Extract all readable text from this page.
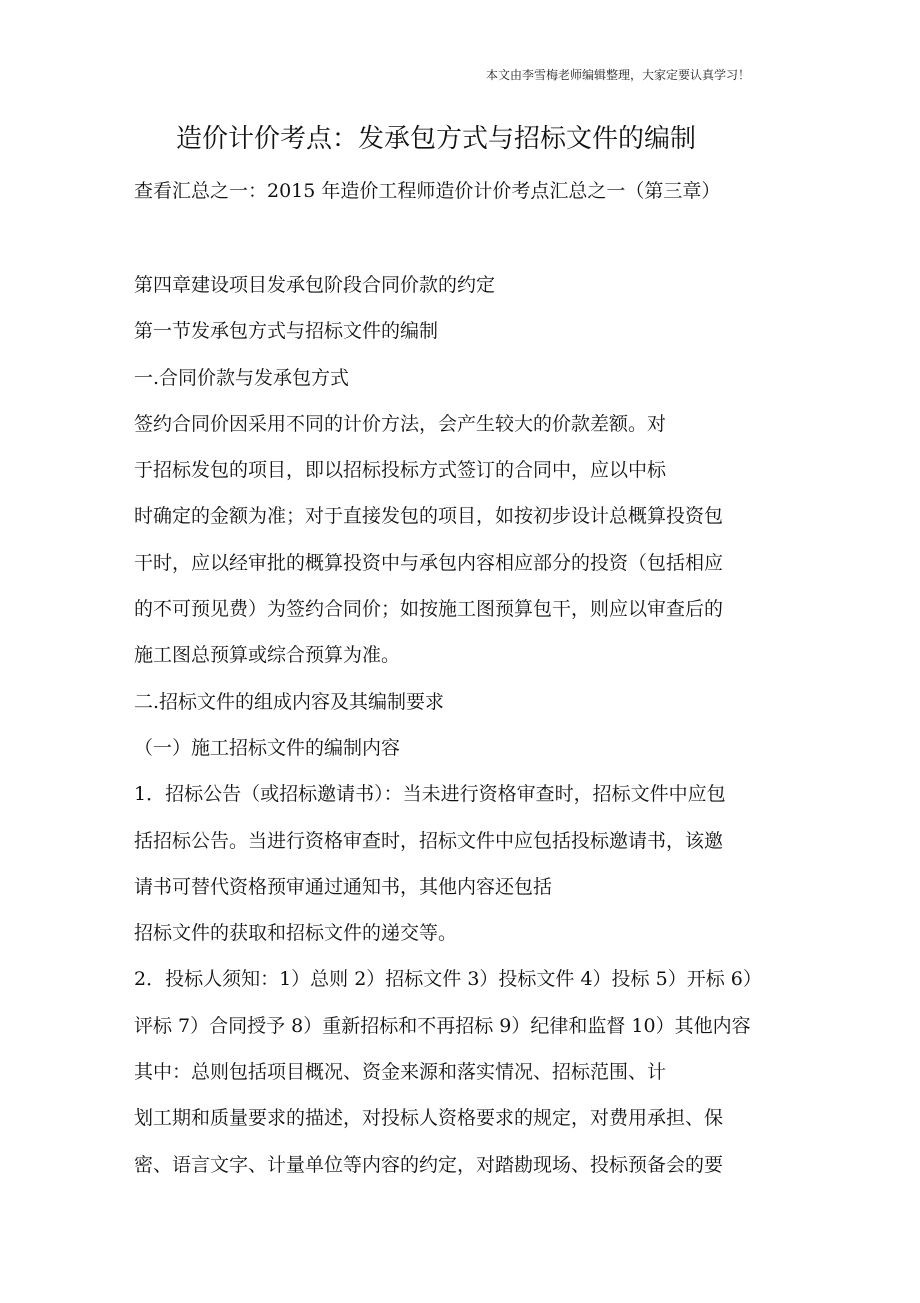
本文由李雪梅老师编辑整理，大家定要认真学习！
造价计价考点：发承包方式与招标文件的编制
查看汇总之一：2015 年造价工程师造价计价考点汇总之一（第三章）
第四章建设项目发承包阶段合同价款的约定
第一节发承包方式与招标文件的编制
一.合同价款与发承包方式
签约合同价因采用不同的计价方法，会产生较大的价款差额。对
于招标发包的项目，即以招标投标方式签订的合同中，应以中标
时确定的金额为准；对于直接发包的项目，如按初步设计总概算投资包
干时，应以经审批的概算投资中与承包内容相应部分的投资（包括相应
的不可预见费）为签约合同价；如按施工图预算包干，则应以审查后的
施工图总预算或综合预算为准。
二.招标文件的组成内容及其编制要求
（一）施工招标文件的编制内容
1．招标公告（或招标邀请书）：当未进行资格审查时，招标文件中应包
括招标公告。当进行资格审查时，招标文件中应包括投标邀请书，该邀
请书可替代资格预审通过通知书，其他内容还包括
招标文件的获取和招标文件的递交等。
2．投标人须知：1）总则 2）招标文件 3）投标文件 4）投标 5）开标 6）
评标 7）合同授予 8）重新招标和不再招标 9）纪律和监督 10）其他内容
其中：总则包括项目概况、资金来源和落实情况、招标范围、计
划工期和质量要求的描述，对投标人资格要求的规定，对费用承担、保
密、语言文字、计量单位等内容的约定，对踏勘现场、投标预备会的要
